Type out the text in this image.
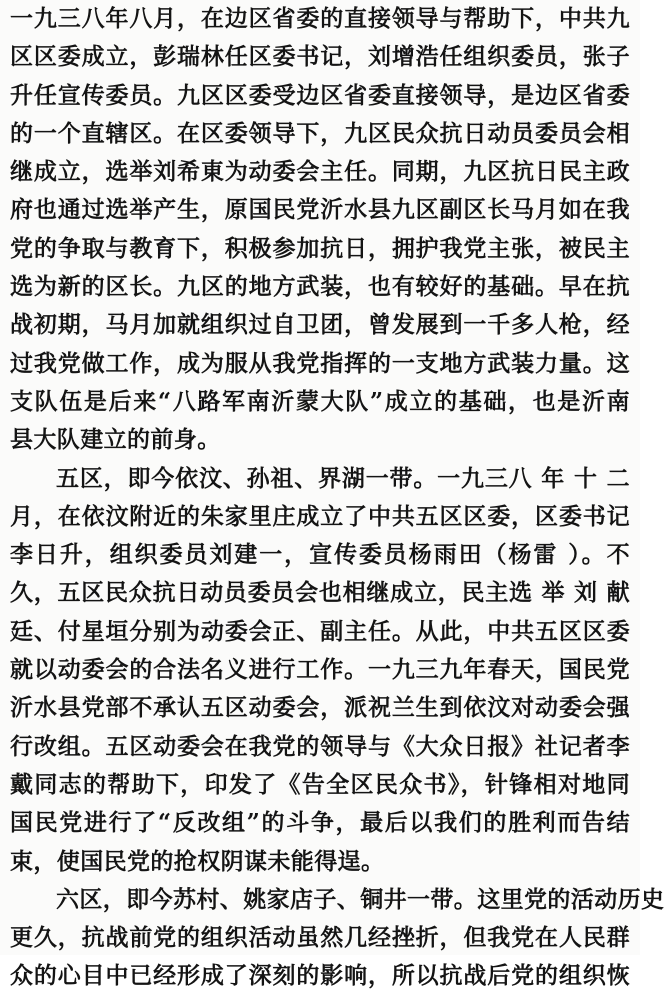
一九三八年八月，在边区省委的直接领导与帮助下，中共九
区区委成立，彭瑞林任区委书记，刘增浩任组织委员，张子
升任宣传委员。九区区委受边区省委直接领导，是边区省委
的一个直辖区。在区委领导下，九区民众抗日动员委员会相
继成立，选举刘希東为动委会主任。同期，九区抗日民主政
府也通过选举产生，原国民党沂水县九区副区长马月如在我
党的争取与教育下，积极参加抗日，拥护我党主张，被民主
选为新的区长。九区的地方武装，也有较好的基础。早在抗
战初期，马月加就组织过自卫团，曾发展到一千多人枪，经
过我党做工作，成为服从我党指挥的一支地方武装力量。这
支队伍是后来“八路军南沂蒙大队”成立的基础，也是沂南
县大队建立的前身。
五区，即今依汶、孙祖、界湖一带。一九三八 年 十 二
月，在依汶附近的朱家里庄成立了中共五区区委，区委书记
李日升，组织委员刘建一，宣传委员杨雨田（杨雷 ）。不
久，五区民众抗日动员委员会也相继成立，民主选 举 刘 献
廷、付星垣分别为动委会正、副主任。从此，中共五区区委
就以动委会的合法名义进行工作。一九三九年春天，国民党
沂水县党部不承认五区动委会，派祝兰生到依汶对动委会强
行改组。五区动委会在我党的领导与《大众日报》社记者李
戴同志的帮助下，印发了《告全区民众书》，针锋相对地同
国民党进行了“反改组”的斗争，最后以我们的胜利而告结
束，使国民党的抢权阴谋未能得逞。
六区，即今苏村、姚家店子、铜井一带。这里党的活动历史
更久，抗战前党的组织活动虽然几经挫折，但我党在人民群
众的心目中已经形成了深刻的影响，所以抗战后党的组织恢
